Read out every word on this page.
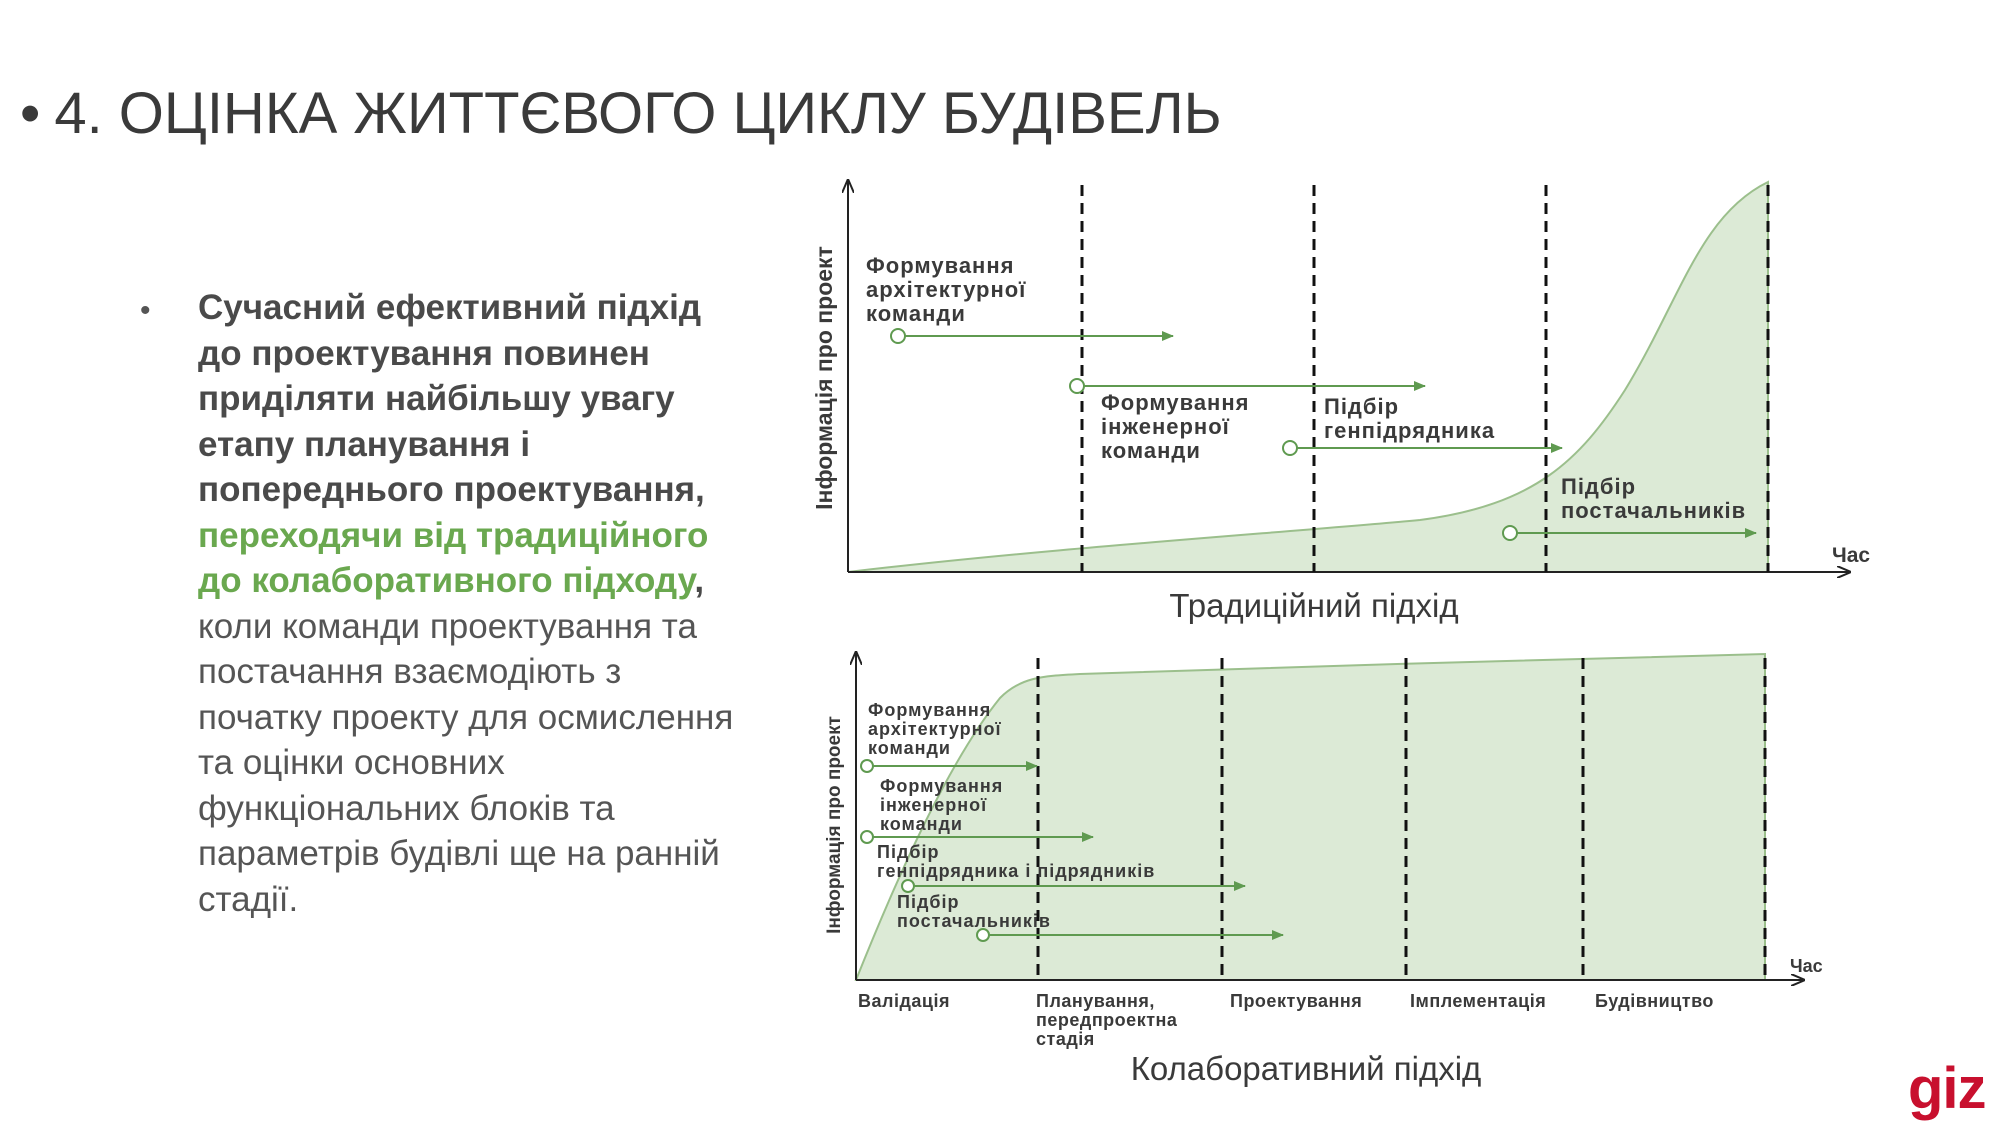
• 4. ОЦІНКА ЖИТТЄВОГО ЦИКЛУ БУДІВЕЛЬ
• Сучасний ефективний підхід до проектування повинен приділяти найбільшу увагу етапу планування і попереднього проектування, переходячи від традиційного до колаборативного підходу, коли команди проектування та постачання взаємодіють з початку проекту для осмислення та оцінки основних функціональних блоків та параметрів будівлі ще на ранній стадії.
Інформація про проект
Час
Формування архітектурної команди
Формування інженерної команди
Підбір генпідрядника
Підбір постачальників
Традиційний підхід
Інформація про проект
Час
Формування архітектурної команди
Формування інженерної команди
Підбір генпідрядника і підрядників
Підбір постачальників
Валідація	Планування, передпроектна стадія
Проектування	Імплементація	Будівництво
Колаборативний підхід	giz
